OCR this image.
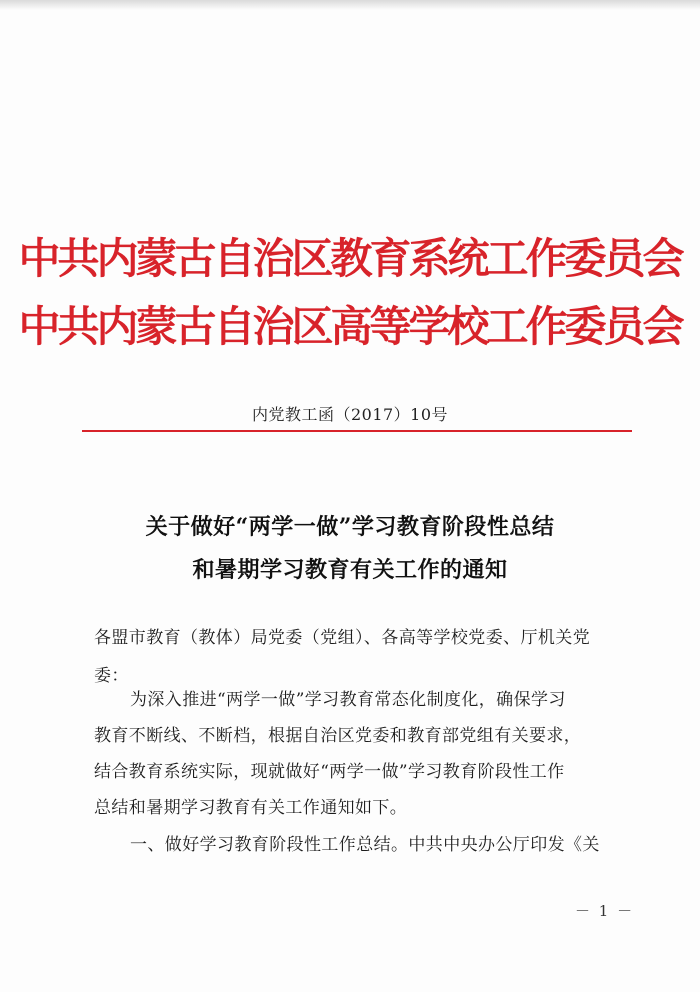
中共内蒙古自治区教育系统工作委员会
中共内蒙古自治区高等学校工作委员会
内党教工函（2017）10号
关于做好“两学一做”学习教育阶段性总结
和暑期学习教育有关工作的通知
各盟市教育（教体）局党委（党组）、各高等学校党委、厅机关党
委：
为深入推进“两学一做”学习教育常态化制度化，确保学习
教育不断线、不断档，根据自治区党委和教育部党组有关要求，
结合教育系统实际，现就做好“两学一做”学习教育阶段性工作
总结和暑期学习教育有关工作通知如下。
一、做好学习教育阶段性工作总结。中共中央办公厅印发《关
－ 1 －
